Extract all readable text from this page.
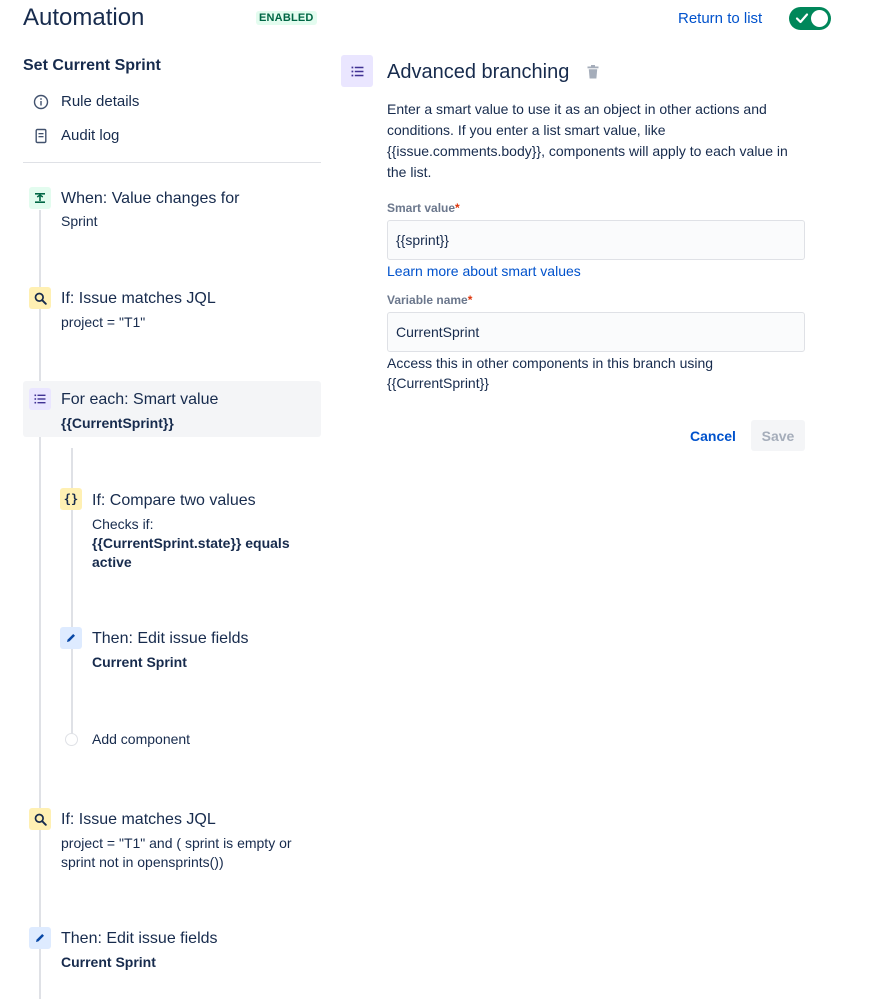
Automation	ENABLED	Return to list
Set Current Sprint
Rule details
Audit log
When: Value changes for
Sprint
If: Issue matches JQL
project = "T1"
For each: Smart value
{{CurrentSprint}}
{} If: Compare two values
Checks if:
{{CurrentSprint.state}} equals active
Then: Edit issue fields
Current Sprint
Add component
If: Issue matches JQL
project = "T1" and ( sprint is empty or sprint not in opensprints())
Then: Edit issue fields
Current Sprint
Advanced branching
Enter a smart value to use it as an object in other actions and conditions. If you enter a list smart value, like {{issue.comments.body}}, components will apply to each value in the list.
Smart value*
{{sprint}}
Learn more about smart values
Variable name*
CurrentSprint
Access this in other components in this branch using {{CurrentSprint}}
Cancel	Save
